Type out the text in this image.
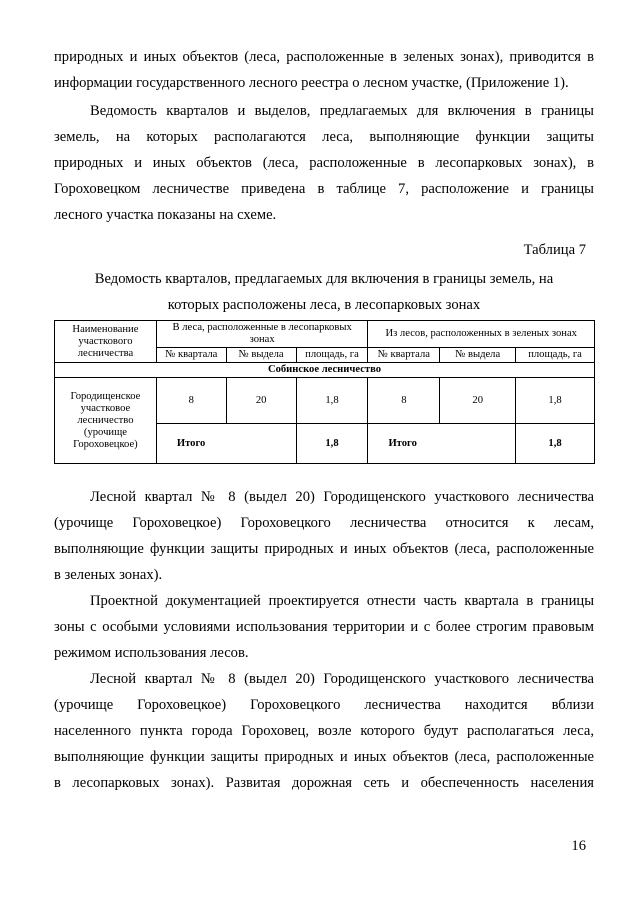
природных и иных объектов (леса, расположенные в зеленых зонах), приводится в
информации государственного лесного реестра о лесном участке, (Приложение 1).
Ведомость кварталов и выделов, предлагаемых для включения в границы
земель, на которых располагаются леса, выполняющие функции защиты
природных и иных объектов (леса, расположенные в лесопарковых зонах), в
Гороховецком лесничестве приведена в таблице 7, расположение и границы
лесного участка показаны на схеме.
Таблица 7
Ведомость кварталов, предлагаемых для включения в границы земель, на
которых расположены леса, в лесопарковых зонах
Наименование участкового лесничества	В леса, расположенные в лесопарковых зонах			Из лесов, расположенных в зеленых зонах		
	№ квартала	№ выдела	площадь, га	№ квартала	№ выдела	площадь, га
Собинское лесничество						
Городищенское участковое лесничество (урочище Гороховецкое)	8	20	1,8	8	20	1,8
	Итого		1,8	Итого		1,8
Лесной квартал № 8 (выдел 20) Городищенского участкового лесничества
(урочище Гороховецкое) Гороховецкого лесничества относится к лесам,
выполняющие функции защиты природных и иных объектов (леса, расположенные
в зеленых зонах).
Проектной документацией проектируется отнести часть квартала в границы
зоны с особыми условиями использования территории и с более строгим правовым
режимом использования лесов.
Лесной квартал № 8 (выдел 20) Городищенского участкового лесничества
(урочище Гороховецкое) Гороховецкого лесничества находится вблизи
населенного пункта города Гороховец, возле которого будут располагаться леса,
выполняющие функции защиты природных и иных объектов (леса, расположенные
в лесопарковых зонах). Развитая дорожная сеть и обеспеченность населения
16
